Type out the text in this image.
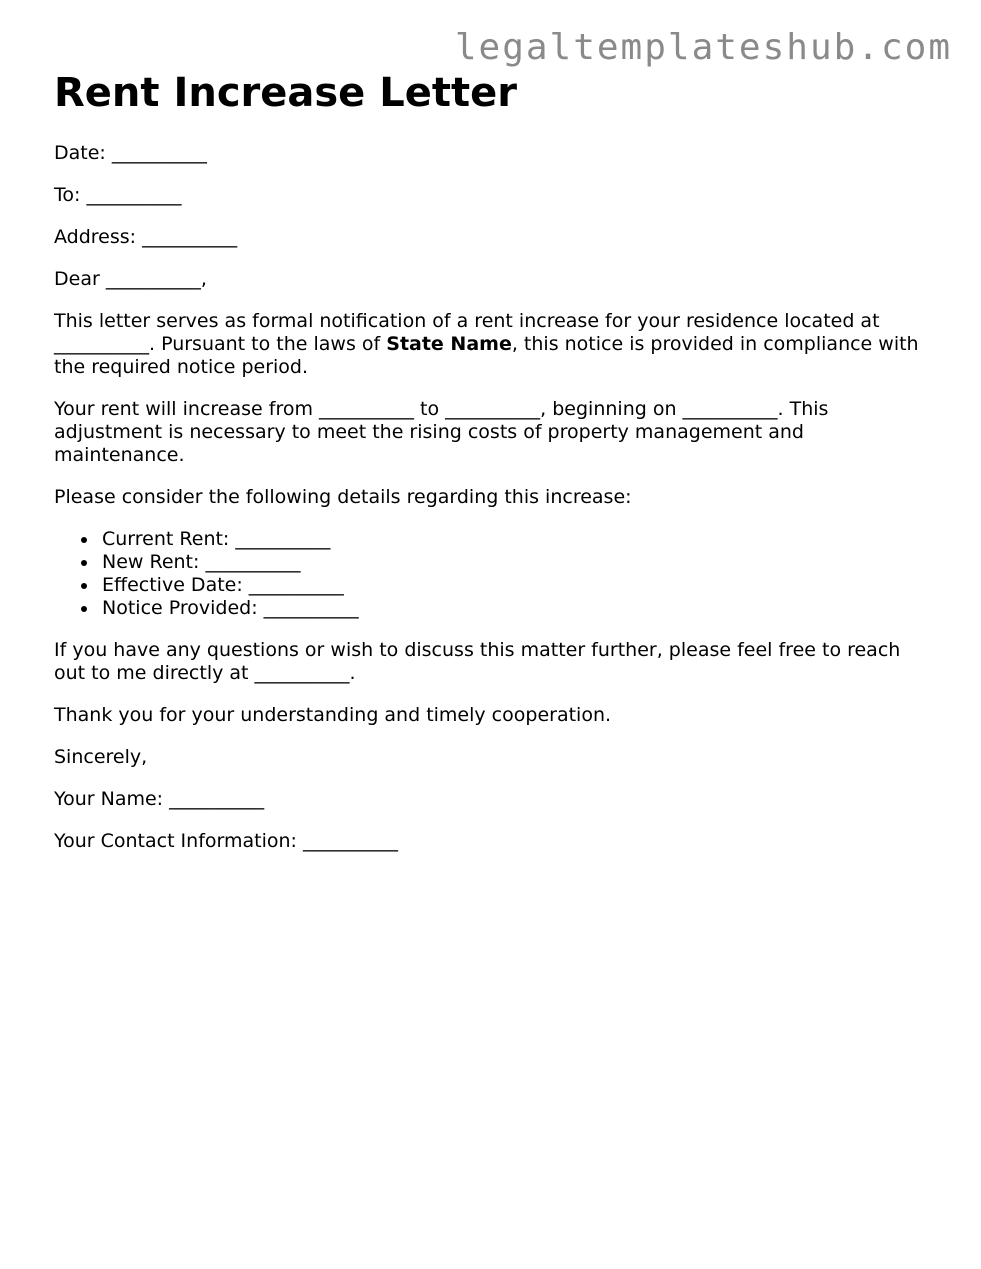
legaltemplateshub.com
Rent Increase Letter

Date: __________

To: __________

Address: __________

Dear __________,

This letter serves as formal notification of a rent increase for your residence located at __________. Pursuant to the laws of State Name, this notice is provided in compliance with the required notice period.

Your rent will increase from __________ to __________, beginning on __________. This adjustment is necessary to meet the rising costs of property management and maintenance.

Please consider the following details regarding this increase:

Current Rent: __________
New Rent: __________
Effective Date: __________
Notice Provided: __________

If you have any questions or wish to discuss this matter further, please feel free to reach out to me directly at __________.

Thank you for your understanding and timely cooperation.

Sincerely,

Your Name: __________

Your Contact Information: __________
